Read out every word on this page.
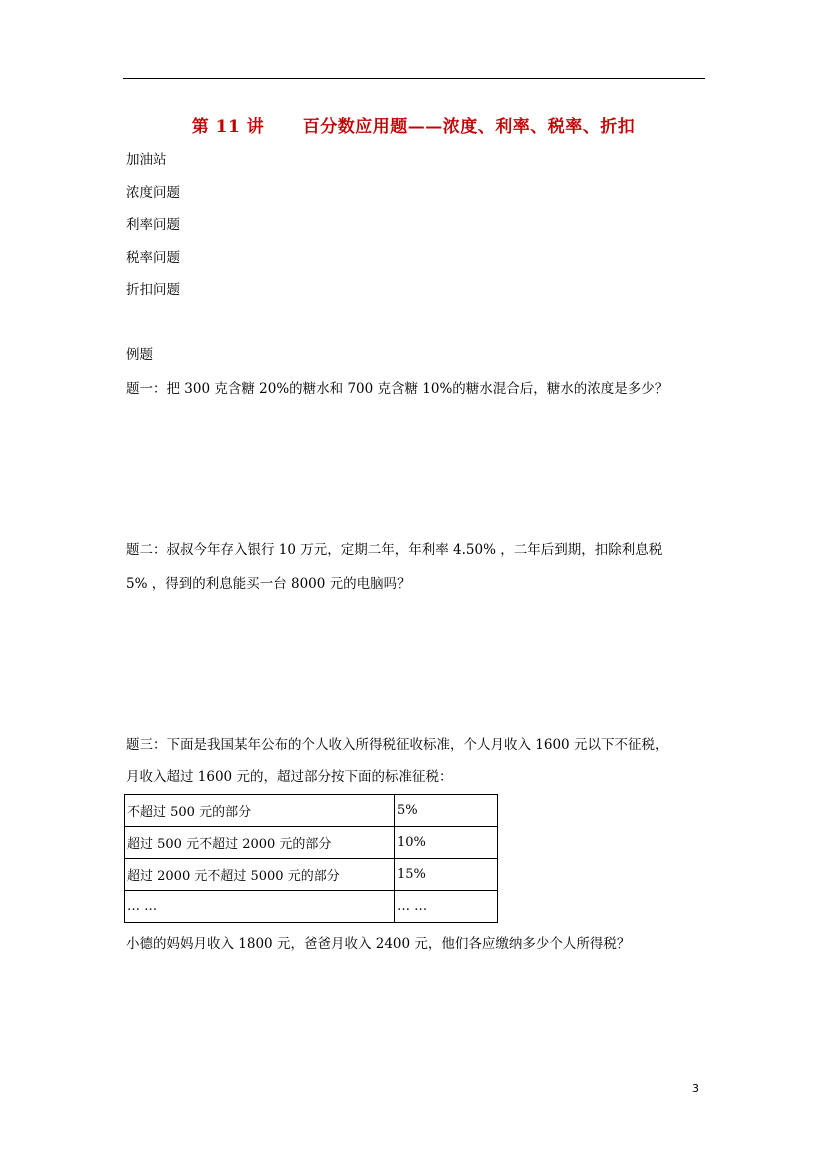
第 11 讲      百分数应用题——浓度、利率、税率、折扣
加油站
浓度问题
利率问题
税率问题
折扣问题
例题
题一：把 300 克含糖 20%的糖水和 700 克含糖 10%的糖水混合后，糖水的浓度是多少？
题二：叔叔今年存入银行 10 万元，定期二年，年利率 4.50% ，二年后到期，扣除利息税
5% ，得到的利息能买一台 8000 元的电脑吗？
题三：下面是我国某年公布的个人收入所得税征收标准，个人月收入 1600 元以下不征税，
月收入超过 1600 元的，超过部分按下面的标准征税：
不超过 500 元的部分	5%
超过 500 元不超过 2000 元的部分	10%
超过 2000 元不超过 5000 元的部分	15%
… …	… …
小德的妈妈月收入 1800 元，爸爸月收入 2400 元，他们各应缴纳多少个人所得税？
3
